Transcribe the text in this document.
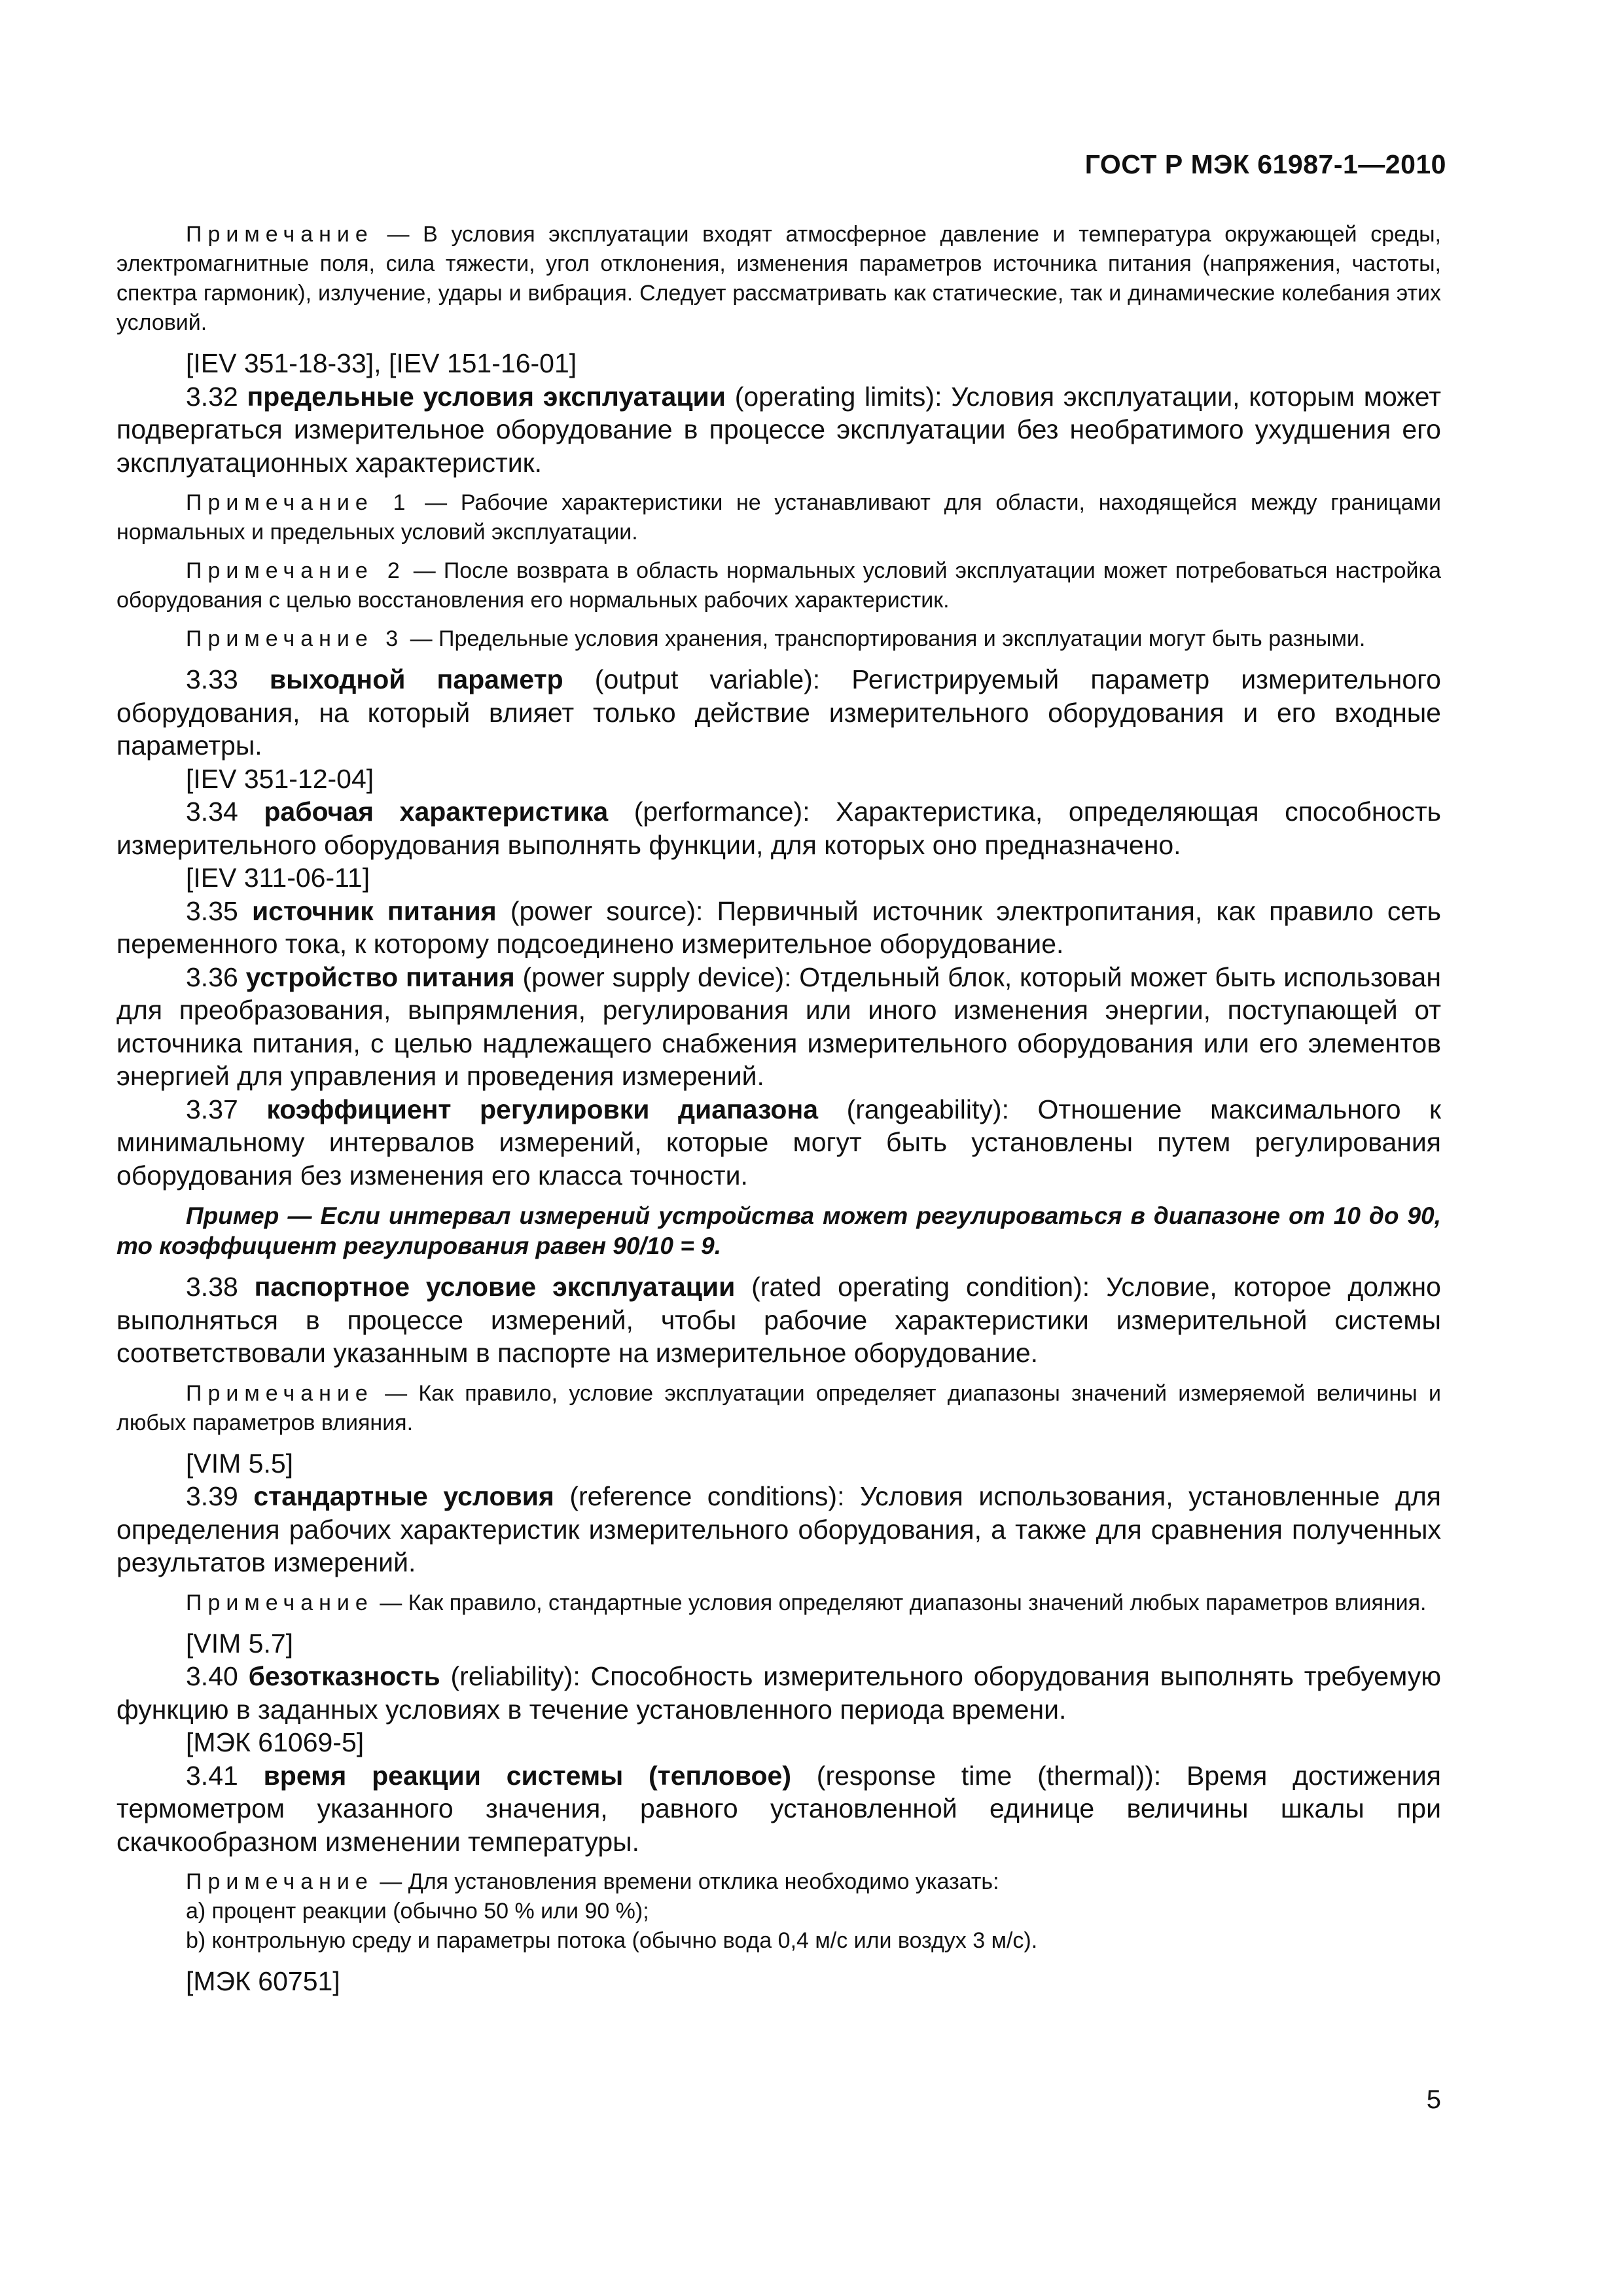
ГОСТ Р МЭК 61987-1—2010

Примечание — В условия эксплуатации входят атмосферное давление и температура окружающей среды, электромагнитные поля, сила тяжести, угол отклонения, изменения параметров источника питания (напряжения, частоты, спектра гармоник), излучение, удары и вибрация. Следует рассматривать как статические, так и динамические колебания этих условий.

[IEV 351-18-33], [IEV 151-16-01]

3.32 предельные условия эксплуатации (operating limits): Условия эксплуатации, которым может подвергаться измерительное оборудование в процессе эксплуатации без необратимого ухудшения его эксплуатационных характеристик.

Примечание 1 — Рабочие характеристики не устанавливают для области, находящейся между границами нормальных и предельных условий эксплуатации.

Примечание 2 — После возврата в область нормальных условий эксплуатации может потребоваться настройка оборудования с целью восстановления его нормальных рабочих характеристик.

Примечание 3 — Предельные условия хранения, транспортирования и эксплуатации могут быть разными.

3.33 выходной параметр (output variable): Регистрируемый параметр измерительного оборудования, на который влияет только действие измерительного оборудования и его входные параметры.

[IEV 351-12-04]

3.34 рабочая характеристика (performance): Характеристика, определяющая способность измерительного оборудования выполнять функции, для которых оно предназначено.

[IEV 311-06-11]

3.35 источник питания (power source): Первичный источник электропитания, как правило сеть переменного тока, к которому подсоединено измерительное оборудование.

3.36 устройство питания (power supply device): Отдельный блок, который может быть использован для преобразования, выпрямления, регулирования или иного изменения энергии, поступающей от источника питания, с целью надлежащего снабжения измерительного оборудования или его элементов энергией для управления и проведения измерений.

3.37 коэффициент регулировки диапазона (rangeability): Отношение максимального к минимальному интервалов измерений, которые могут быть установлены путем регулирования оборудования без изменения его класса точности.

Пример — Если интервал измерений устройства может регулироваться в диапазоне от 10 до 90, то коэффициент регулирования равен 90/10 = 9.

3.38 паспортное условие эксплуатации (rated operating condition): Условие, которое должно выполняться в процессе измерений, чтобы рабочие характеристики измерительной системы соответствовали указанным в паспорте на измерительное оборудование.

Примечание — Как правило, условие эксплуатации определяет диапазоны значений измеряемой величины и любых параметров влияния.

[VIM 5.5]

3.39 стандартные условия (reference conditions): Условия использования, установленные для определения рабочих характеристик измерительного оборудования, а также для сравнения полученных результатов измерений.

Примечание — Как правило, стандартные условия определяют диапазоны значений любых параметров влияния.

[VIM 5.7]

3.40 безотказность (reliability): Способность измерительного оборудования выполнять требуемую функцию в заданных условиях в течение установленного периода времени.

[МЭК 61069-5]

3.41 время реакции системы (тепловое) (response time (thermal)): Время достижения термометром указанного значения, равного установленной единице величины шкалы при скачкообразном изменении температуры.

Примечание — Для установления времени отклика необходимо указать:

a) процент реакции (обычно 50 % или 90 %);

b) контрольную среду и параметры потока (обычно вода 0,4 м/с или воздух 3 м/с).

[МЭК 60751]

5
